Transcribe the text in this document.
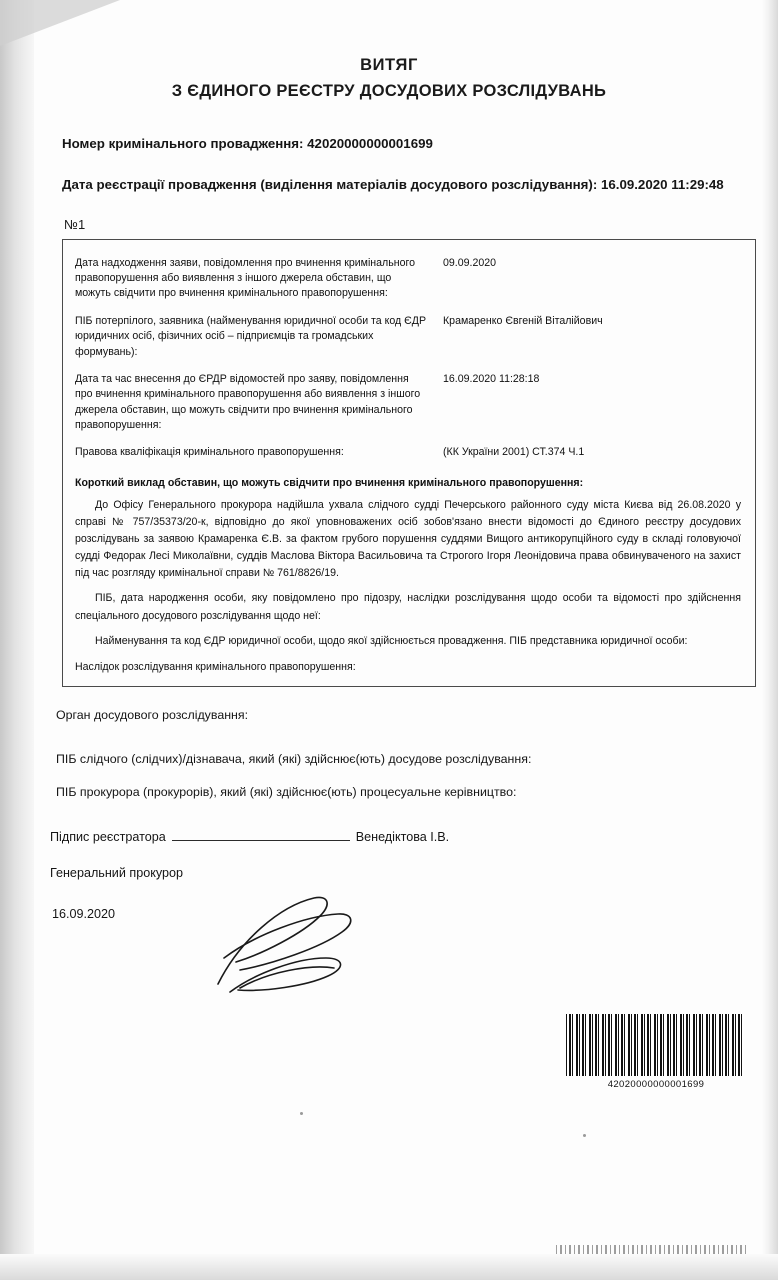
ВИТЯГ
З ЄДИНОГО РЕЄСТРУ ДОСУДОВИХ РОЗСЛІДУВАНЬ
Номер кримінального провадження: 42020000000001699
Дата реєстрації провадження (виділення матеріалів досудового розслідування): 16.09.2020 11:29:48
№1
Дата надходження заяви, повідомлення про вчинення кримінального правопорушення або виявлення з іншого джерела обставин, що можуть свідчити про вчинення кримінального правопорушення:
09.09.2020
ПІБ потерпілого, заявника (найменування юридичної особи та код ЄДР юридичних осіб, фізичних осіб – підприємців та громадських формувань):
Крамаренко Євгеній Віталійович
Дата та час внесення до ЄРДР відомостей про заяву, повідомлення про вчинення кримінального правопорушення або виявлення з іншого джерела обставин, що можуть свідчити про вчинення кримінального правопорушення:
16.09.2020 11:28:18
Правова кваліфікація кримінального правопорушення:	(КК України 2001) СТ.374 Ч.1
Короткий виклад обставин, що можуть свідчити про вчинення кримінального правопорушення:
До Офісу Генерального прокурора надійшла ухвала слідчого судді Печерського районного суду міста Києва від 26.08.2020 у справі № 757/35373/20-к, відповідно до якої уповноважених осіб зобов'язано внести відомості до Єдиного реєстру досудових розслідувань за заявою Крамаренка Є.В. за фактом грубого порушення суддями Вищого антикорупційного суду в складі головуючої судді Федорак Лесі Миколаївни, суддів Маслова Віктора Васильовича та Строгого Ігоря Леонідовича права обвинуваченого на захист під час розгляду кримінальної справи № 761/8826/19.
ПІБ, дата народження особи, яку повідомлено про підозру, наслідки розслідування щодо особи та відомості про здійснення спеціального досудового розслідування щодо неї:
Найменування та код ЄДР юридичної особи, щодо якої здійснюється провадження. ПІБ представника юридичної особи:
Наслідок розслідування кримінального правопорушення:
Орган досудового розслідування:
ПІБ слідчого (слідчих)/дізнавача, який (які) здійснює(ють) досудове розслідування:
ПІБ прокурора (прокурорів), який (які) здійснює(ють) процесуальне керівництво:
Підпис реєстратора	Венедіктова І.В.
Генеральний прокурор
16.09.2020
42020000000001699
